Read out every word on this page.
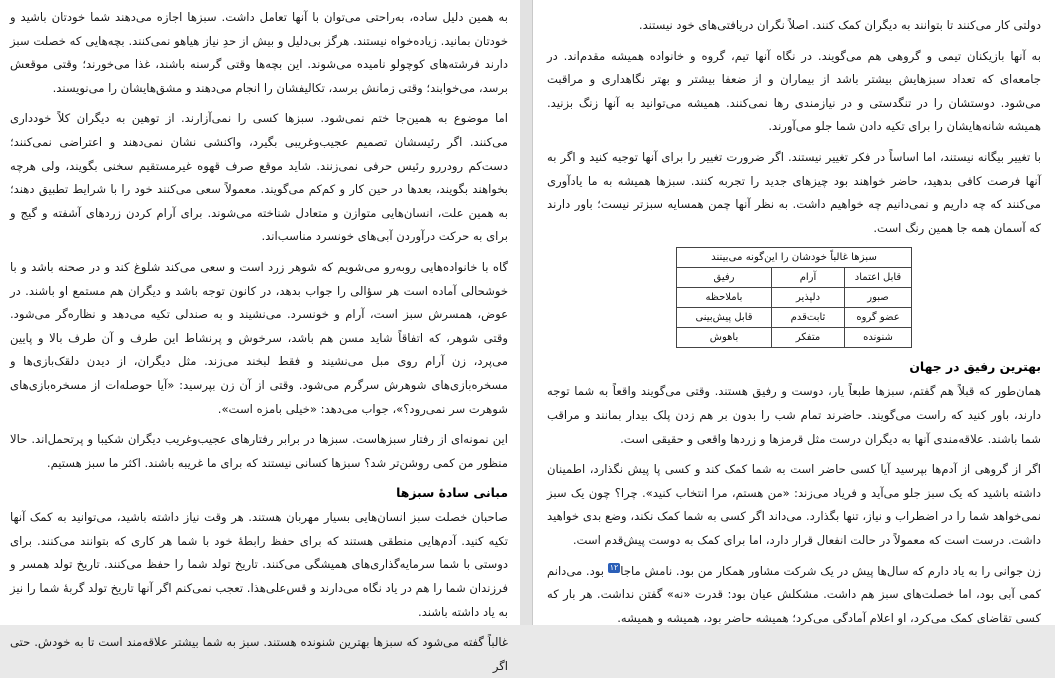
به همین دلیل ساده، به‌راحتی می‌توان با آنها تعامل داشت. سبزها اجازه می‌دهند شما خودتان باشید و خودتان بمانید. زیاده‌خواه نیستند. هرگز بی‌دلیل و بیش از حدِ نیاز هیاهو نمی‌کنند. بچه‌هایی که خصلت سبز دارند فرشته‌های کوچولو نامیده می‌شوند. این بچه‌ها وقتی گرسنه باشند، غذا می‌خورند؛ وقتی موقعش برسد، می‌خوابند؛ وقتی زمانش برسد، تکالیفشان را انجام می‌دهند و مشق‌هایشان را می‌نویسند.

اما موضوع به همین‌جا ختم نمی‌شود. سبزها کسی را نمی‌آزارند. از توهین به دیگران کلاً خودداری می‌کنند. اگر رئیسشان تصمیم عجیب‌وغریبی بگیرد، واکنشی نشان نمی‌دهند و اعتراضی نمی‌کنند؛ دست‌کم رودررو رئیس حرفی نمی‌زنند. شاید موقع صرف قهوه غیرمستقیم سخنی بگویند، ولی هرچه بخواهند بگویند، بعدها در حین کار و کم‌کم می‌گویند. معمولاً سعی می‌کنند خود را با شرایط تطبیق دهند؛ به همین علت، انسان‌هایی متوازن و متعادل شناخته می‌شوند. برای آرام کردن زردهای آشفته و گیج و برای به حرکت درآوردن آبی‌های خونسرد مناسب‌اند.

گاه با خانواده‌هایی روبه‌رو می‌شویم که شوهر زرد است و سعی می‌کند شلوغ کند و در صحنه باشد و با خوشحالی آماده است هر سؤالی را جواب بدهد، در کانون توجه باشد و دیگران هم مستمع او باشند. در عوض، همسرش سبز است، آرام و خونسرد. می‌نشیند و به صندلی تکیه می‌دهد و نظاره‌گر می‌شود. وقتی شوهر، که اتفاقاً شاید مسن هم باشد، سرخوش و پرنشاط این طرف و آن طرف بالا و پایین می‌پرد، زن آرام روی مبل می‌نشیند و فقط لبخند می‌زند. مثل دیگران، از دیدن دلقک‌بازی‌ها و مسخره‌بازی‌های شوهرش سرگرم می‌شود. وقتی از آن زن بپرسید: «آیا حوصله‌ات از مسخره‌بازی‌های شوهرت سر نمی‌رود؟»، جواب می‌دهد: «خیلی بامزه است».

این نمونه‌ای از رفتار سبزهاست. سبزها در برابر رفتارهای عجیب‌وغریب دیگران شکیبا و پرتحمل‌اند. حالا منظور من کمی روشن‌تر شد؟ سبزها کسانی نیستند که برای ما غریبه باشند. اکثر ما سبز هستیم.

مبانی سادهٔ سبزها

صاحبان خصلت سبز انسان‌هایی بسیار مهربان هستند. هر وقت نیاز داشته باشید، می‌توانید به کمک آنها تکیه کنید. آدم‌هایی منطقی هستند که برای حفظ رابطهٔ خود با شما هر کاری که بتوانند می‌کنند. برای دوستی با شما سرمایه‌گذاری‌های همیشگی می‌کنند. تاریخ تولد شما را حفظ می‌کنند. تاریخ تولد همسر و فرزندان شما را هم در یاد نگاه می‌دارند و قس‌علی‌هذا. تعجب نمی‌کنم اگر آنها تاریخ تولد گربهٔ شما را نیز به یاد داشته باشند.

غالباً گفته می‌شود که سبزها بهترین شنونده هستند. سبز به شما بیشتر علاقه‌مند است تا به خودش. حتی اگر

دولتی کار می‌کنند تا بتوانند به دیگران کمک کنند. اصلاً نگران دریافتی‌های خود نیستند.

به آنها بازیکنان تیمی و گروهی هم می‌گویند. در نگاه آنها تیم، گروه و خانواده همیشه مقدم‌اند. در جامعه‌ای که تعداد سبزهایش بیشتر باشد از بیماران و از ضعفا بیشتر و بهتر نگاهداری و مراقبت می‌شود. دوستشان را در تنگدستی و در نیازمندی رها نمی‌کنند. همیشه می‌توانید به آنها زنگ بزنید. همیشه شانه‌هایشان را برای تکیه دادن شما جلو می‌آورند.

با تغییر بیگانه نیستند، اما اساساً در فکر تغییر نیستند. اگر ضرورت تغییر را برای آنها توجیه کنید و اگر به آنها فرصت کافی بدهید، حاضر خواهند بود چیزهای جدید را تجربه کنند. سبزها همیشه به ما یادآوری می‌کنند که چه داریم و نمی‌دانیم چه خواهیم داشت. به نظر آنها چمن همسایه سبزتر نیست؛ باور دارند که آسمان همه جا همین رنگ است.

سبزها غالباً خودشان را این‌گونه می‌بینند		
قابل اعتماد	آرام	رفیق
صبور	دلپذیر	باملاحظه
عضو گروه	ثابت‌قدم	قابل پیش‌بینی
شنونده	متفکر	باهوش
بهترین رفیق در جهان

همان‌طور که قبلاً هم گفتم، سبزها طبعاً یار، دوست و رفیق هستند. وقتی می‌گویند واقعاً به شما توجه دارند، باور کنید که راست می‌گویند. حاضرند تمام شب را بدون بر هم زدن پلک بیدار بمانند و مراقب شما باشند. علاقه‌مندی آنها به دیگران درست مثل قرمزها و زردها واقعی و حقیقی است.

اگر از گروهی از آدم‌ها بپرسید آیا کسی حاضر است به شما کمک کند و کسی پا پیش نگذارد، اطمینان داشته باشید که یک سبز جلو می‌آید و فریاد می‌زند: «من هستم، مرا انتخاب کنید». چرا؟ چون یک سبز نمی‌خواهد شما را در اضطراب و نیاز، تنها بگذارد. می‌داند اگر کسی به شما کمک نکند، وضع بدی خواهید داشت. درست است که معمولاً در حالت انفعال قرار دارد، اما برای کمک به دوست پیش‌قدم است.

زن جوانی را به یاد دارم که سال‌ها پیش در یک شرکت مشاور همکار من بود. نامش ماجا۱۲ بود. می‌دانم کمی آبی بود، اما خصلت‌های سبز هم داشت. مشکلش عیان بود: قدرت «نه» گفتن نداشت. هر بار که کسی تقاضای کمک می‌کرد، او اعلام آمادگی می‌کرد؛ همیشه حاضر بود، همیشه و همیشه.
